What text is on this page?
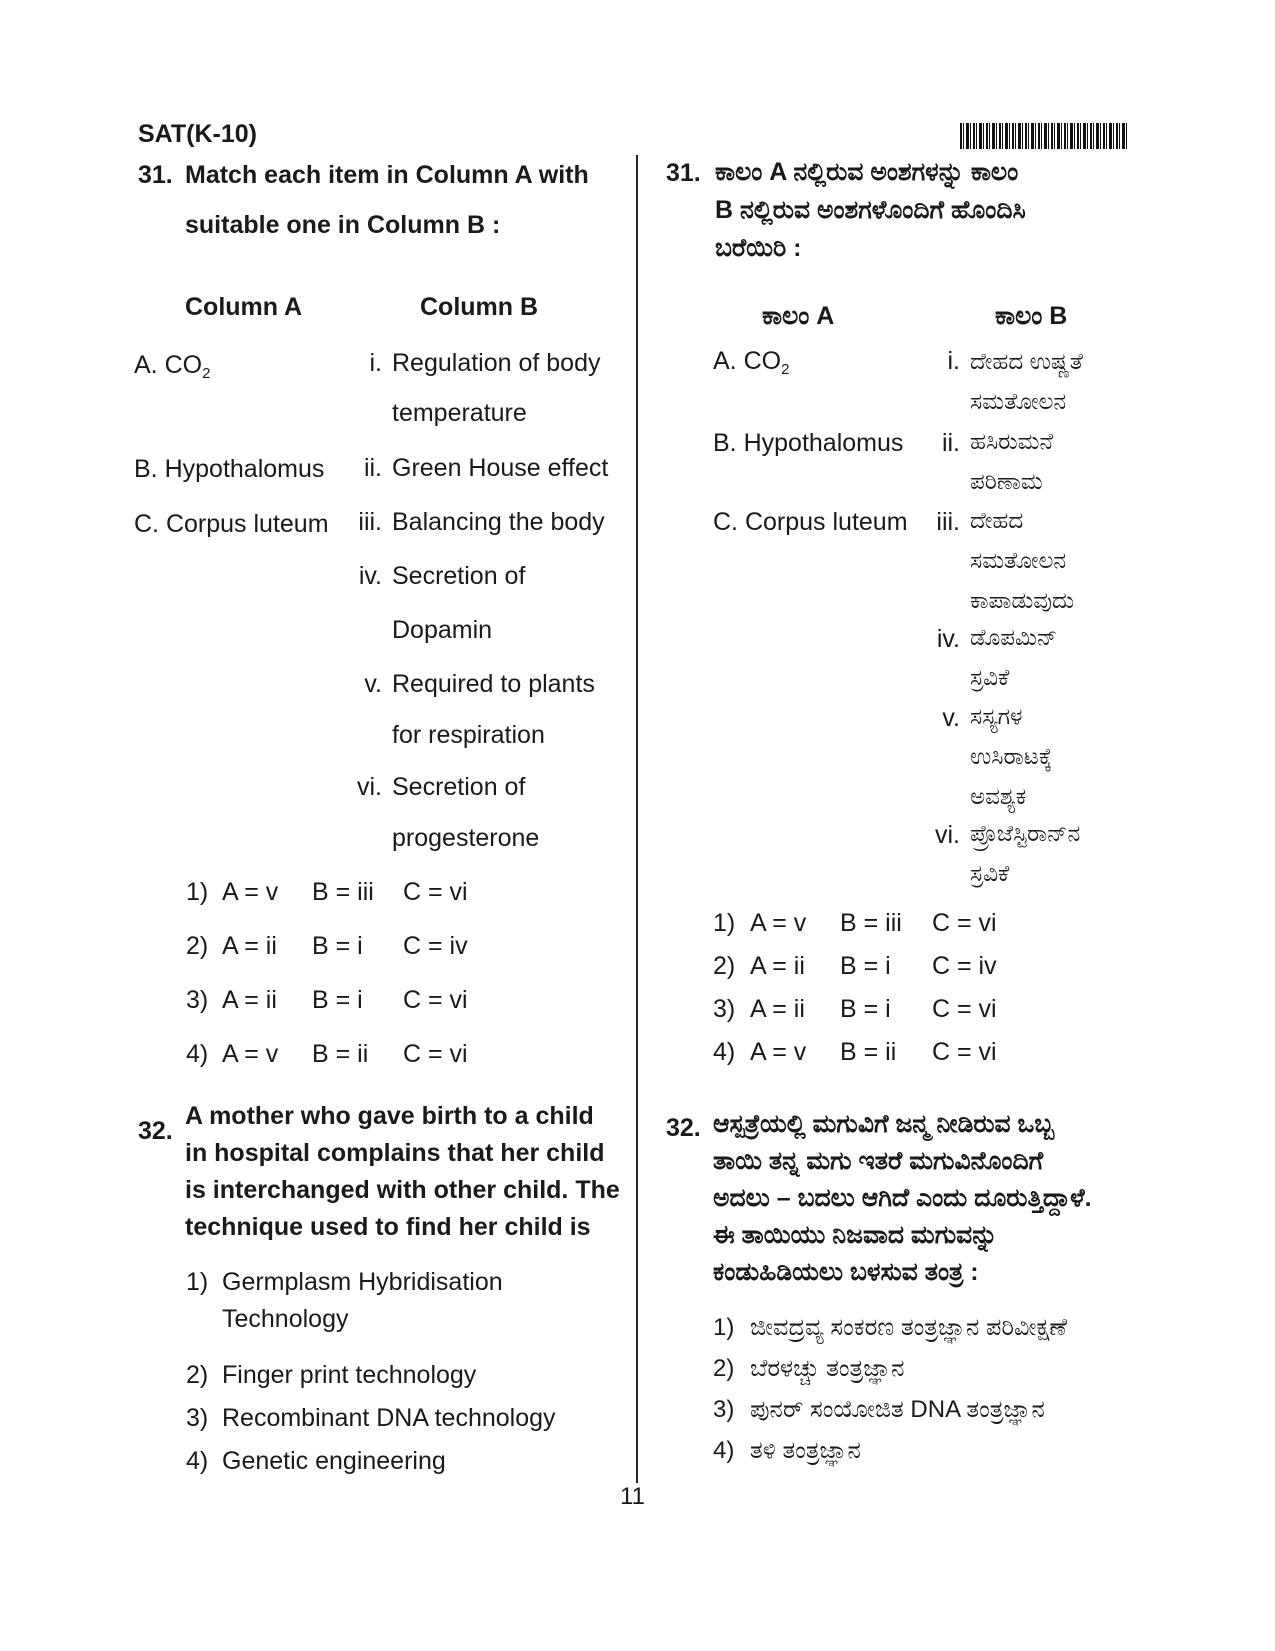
SAT(K-10)
31. Match each item in Column A with
suitable one in Column B :
Column A	Column B
A. $CO_2$
B. Hypothalomus
C. Corpus luteum
i. Regulation of body
temperature
ii. Green House effect
iii. Balancing the body
iv. Secretion of
Dopamin
v. Required to plants
for respiration
vi. Secretion of
progesterone
1) A = v B = iii C = vi
2) A = ii B = i C = iv
3) A = ii B = i C = vi
4) A = v B = ii C = vi
32.
A mother who gave birth to a child
in hospital complains that her child
is interchanged with other child. The
technique used to find her child is
1) Germplasm Hybridisation
Technology
2) Finger print technology
3) Recombinant DNA technology
4) Genetic engineering
31. ಕಾಲಂ A ನಲ್ಲಿರುವ ಅಂಶಗಳನ್ನು ಕಾಲಂ
B ನಲ್ಲಿರುವ ಅಂಶಗಳೊಂದಿಗೆ ಹೊಂದಿಸಿ
ಬರೆಯಿರಿ :
ಕಾಲಂ A	ಕಾಲಂ B
A. $CO_2$
B. Hypothalomus
C. Corpus luteum
i. ದೇಹದ ಉಷ್ಣತೆ
ಸಮತೋಲನ
ii. ಹಸಿರುಮನೆ
ಪರಿಣಾಮ
iii. ದೇಹದ
ಸಮತೋಲನ
ಕಾಪಾಡುವುದು
iv. ಡೊಪಮಿನ್
ಸ್ರವಿಕೆ
v. ಸಸ್ಯಗಳ
ಉಸಿರಾಟಕ್ಕೆ
ಅವಶ್ಯಕ
vi. ಪ್ರೊಜೆಸ್ಟಿರಾನ್‌ನ
ಸ್ರವಿಕೆ
1) A = v B = iii C = vi
2) A = ii B = i C = iv
3) A = ii B = i C = vi
4) A = v B = ii C = vi
32. ಆಸ್ಪತ್ರೆಯಲ್ಲಿ ಮಗುವಿಗೆ ಜನ್ಮ ನೀಡಿರುವ ಒಬ್ಬ
ತಾಯಿ ತನ್ನ ಮಗು ಇತರೆ ಮಗುವಿನೊಂದಿಗೆ
ಅದಲು – ಬದಲು ಆಗಿದೆ ಎಂದು ದೂರುತ್ತಿದ್ದಾಳೆ.
ಈ ತಾಯಿಯು ನಿಜವಾದ ಮಗುವನ್ನು
ಕಂಡುಹಿಡಿಯಲು ಬಳಸುವ ತಂತ್ರ :
1) ಜೀವದ್ರವ್ಯ ಸಂಕರಣ ತಂತ್ರಜ್ಞಾನ ಪರಿವೀಕ್ಷಣೆ
2) ಬೆರಳಚ್ಚು ತಂತ್ರಜ್ಞಾನ
3) ಪುನರ್ ಸಂಯೋಜಿತ DNA ತಂತ್ರಜ್ಞಾನ
4) ತಳಿ ತಂತ್ರಜ್ಞಾನ
11
